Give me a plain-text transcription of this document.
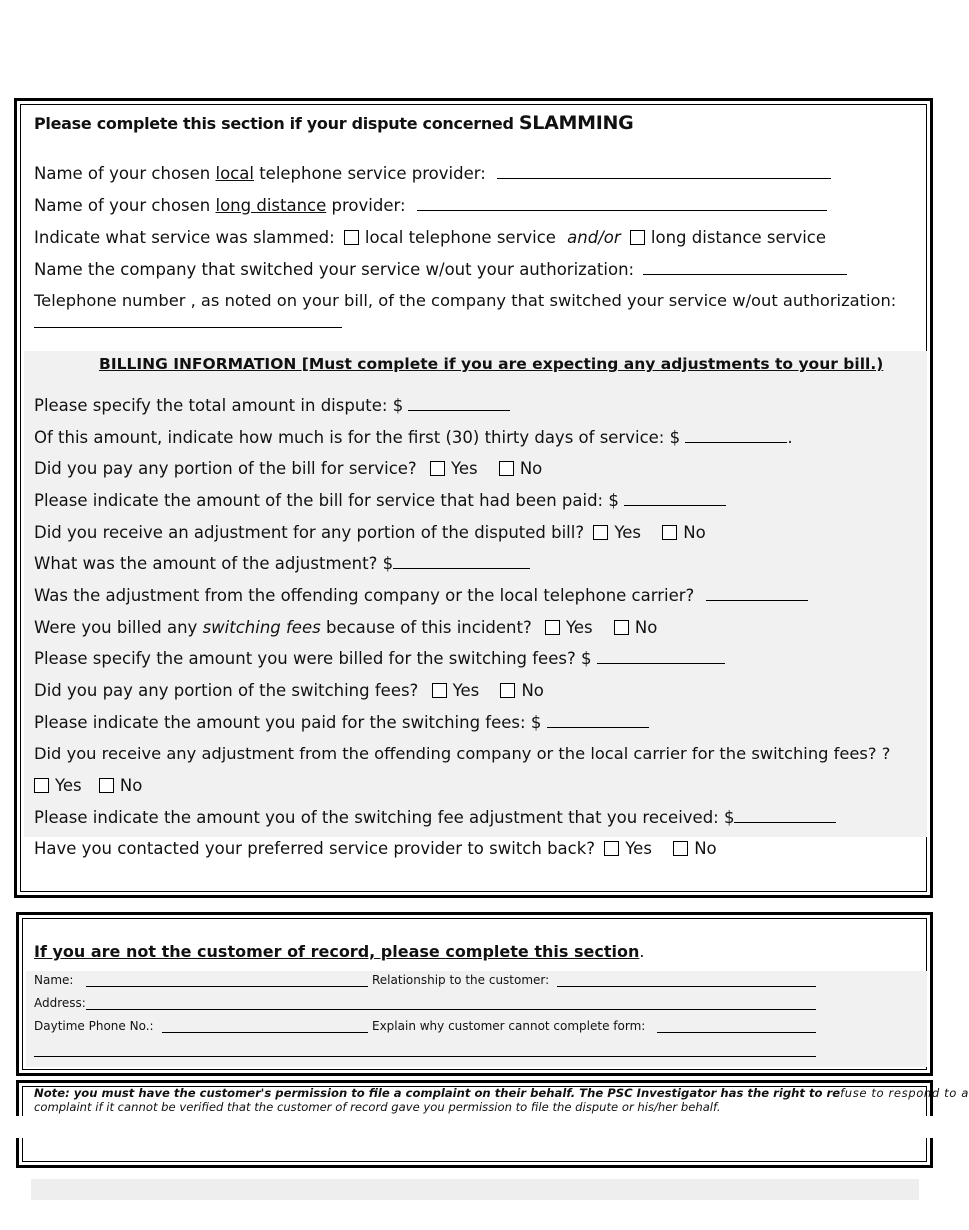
Please complete this section if your dispute concerned SLAMMING
Name of your chosen local telephone service provider:
Name of your chosen long distance provider:
Indicate what service was slammed: local telephone service and/or long distance service
Name the company that switched your service w/out your authorization:
Telephone number , as noted on your bill, of the company that switched your service w/out authorization:
BILLING INFORMATION [Must complete if you are expecting any adjustments to your bill.)
Please specify the total amount in dispute: $
Of this amount, indicate how much is for the first (30) thirty days of service: $	.
Did you pay any portion of the bill for service? Yes	No
Please indicate the amount of the bill for service that had been paid: $
Did you receive an adjustment for any portion of the disputed bill? Yes	No
What was the amount of the adjustment? $
Was the adjustment from the offending company or the local telephone carrier?
Were you billed any switching fees because of this incident? Yes	No
Please specify the amount you were billed for the switching fees? $
Did you pay any portion of the switching fees? Yes	No
Please indicate the amount you paid for the switching fees: $
Did you receive any adjustment from the offending company or the local carrier for the switching fees? ?
Yes No
Please indicate the amount you of the switching fee adjustment that you received: $
Have you contacted your preferred service provider to switch back? Yes	No
If you are not the customer of record, please complete this section.
Name:	Relationship to the customer:
Address:
Daytime Phone No.:	Explain why customer cannot complete form:
Note: you must have the customer's permission to file a complaint on their behalf. The PSC Investigator has the right to refuse to respond to a
complaint if it cannot be verified that the customer of record gave you permission to file the dispute or his/her behalf.
